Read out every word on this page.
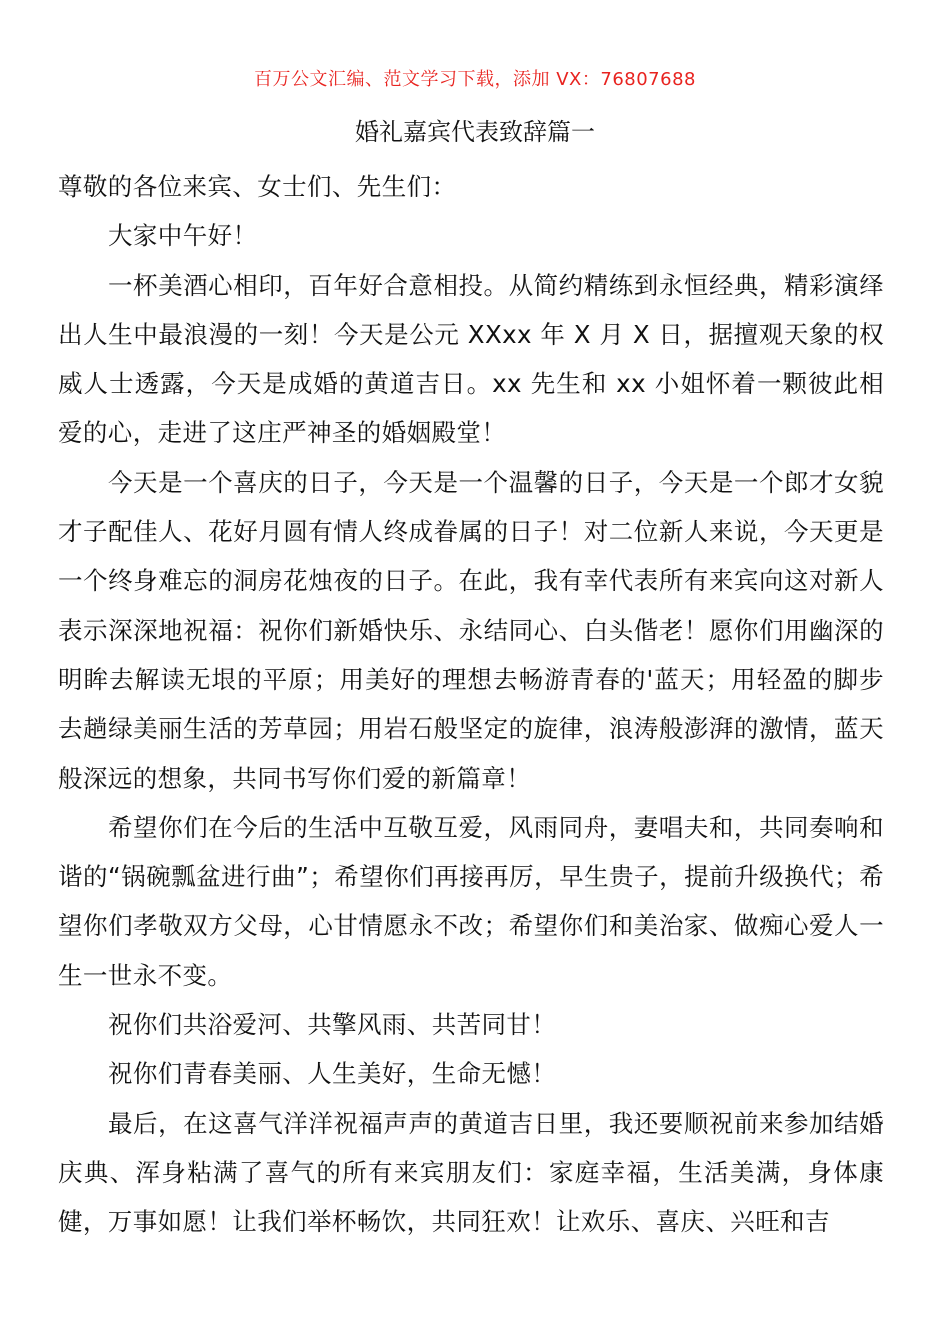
百万公文汇编、范文学习下载，添加 VX：76807688
婚礼嘉宾代表致辞篇一

尊敬的各位来宾、女士们、先生们：

大家中午好！

一杯美酒心相印，百年好合意相投。从简约精练到永恒经典，精彩演绎出人生中最浪漫的一刻！今天是公元 XXxx 年 X 月 X 日，据擅观天象的权威人士透露，今天是成婚的黄道吉日。xx 先生和 xx 小姐怀着一颗彼此相爱的心，走进了这庄严神圣的婚姻殿堂！

今天是一个喜庆的日子，今天是一个温馨的日子，今天是一个郎才女貌才子配佳人、花好月圆有情人终成眷属的日子！对二位新人来说，今天更是一个终身难忘的洞房花烛夜的日子。在此，我有幸代表所有来宾向这对新人表示深深地祝福：祝你们新婚快乐、永结同心、白头偕老！愿你们用幽深的明眸去解读无垠的平原；用美好的理想去畅游青春的'蓝天；用轻盈的脚步去趟绿美丽生活的芳草园；用岩石般坚定的旋律，浪涛般澎湃的激情，蓝天般深远的想象，共同书写你们爱的新篇章！

希望你们在今后的生活中互敬互爱，风雨同舟，妻唱夫和，共同奏响和谐的“锅碗瓢盆进行曲”；希望你们再接再厉，早生贵子，提前升级换代；希望你们孝敬双方父母，心甘情愿永不改；希望你们和美治家、做痴心爱人一生一世永不变。

祝你们共浴爱河、共擎风雨、共苦同甘！

祝你们青春美丽、人生美好，生命无憾！

最后，在这喜气洋洋祝福声声的黄道吉日里，我还要顺祝前来参加结婚庆典、浑身粘满了喜气的所有来宾朋友们：家庭幸福，生活美满，身体康健，万事如愿！让我们举杯畅饮，共同狂欢！让欢乐、喜庆、兴旺和吉
